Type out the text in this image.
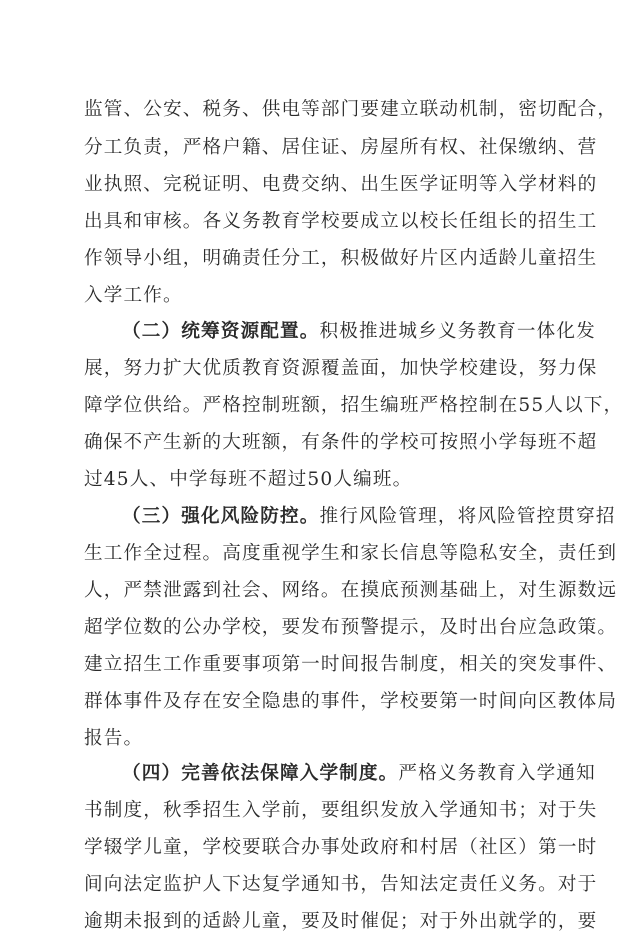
监管、公安、税务、供电等部门要建立联动机制，密切配合，
分工负责，严格户籍、居住证、房屋所有权、社保缴纳、营
业执照、完税证明、电费交纳、出生医学证明等入学材料的
出具和审核。各义务教育学校要成立以校长任组长的招生工
作领导小组，明确责任分工，积极做好片区内适龄儿童招生
入学工作。
（二）统筹资源配置。积极推进城乡义务教育一体化发
展，努力扩大优质教育资源覆盖面，加快学校建设，努力保
障学位供给。严格控制班额，招生编班严格控制在55人以下，
确保不产生新的大班额，有条件的学校可按照小学每班不超
过45人、中学每班不超过50人编班。
（三）强化风险防控。推行风险管理，将风险管控贯穿招
生工作全过程。高度重视学生和家长信息等隐私安全，责任到
人，严禁泄露到社会、网络。在摸底预测基础上，对生源数远
超学位数的公办学校，要发布预警提示，及时出台应急政策。
建立招生工作重要事项第一时间报告制度，相关的突发事件、
群体事件及存在安全隐患的事件，学校要第一时间向区教体局
报告。
（四）完善依法保障入学制度。严格义务教育入学通知
书制度，秋季招生入学前，要组织发放入学通知书；对于失
学辍学儿童，学校要联合办事处政府和村居（社区）第一时
间向法定监护人下达复学通知书，告知法定责任义务。对于
逾期未报到的适龄儿童，要及时催促；对于外出就学的，要
